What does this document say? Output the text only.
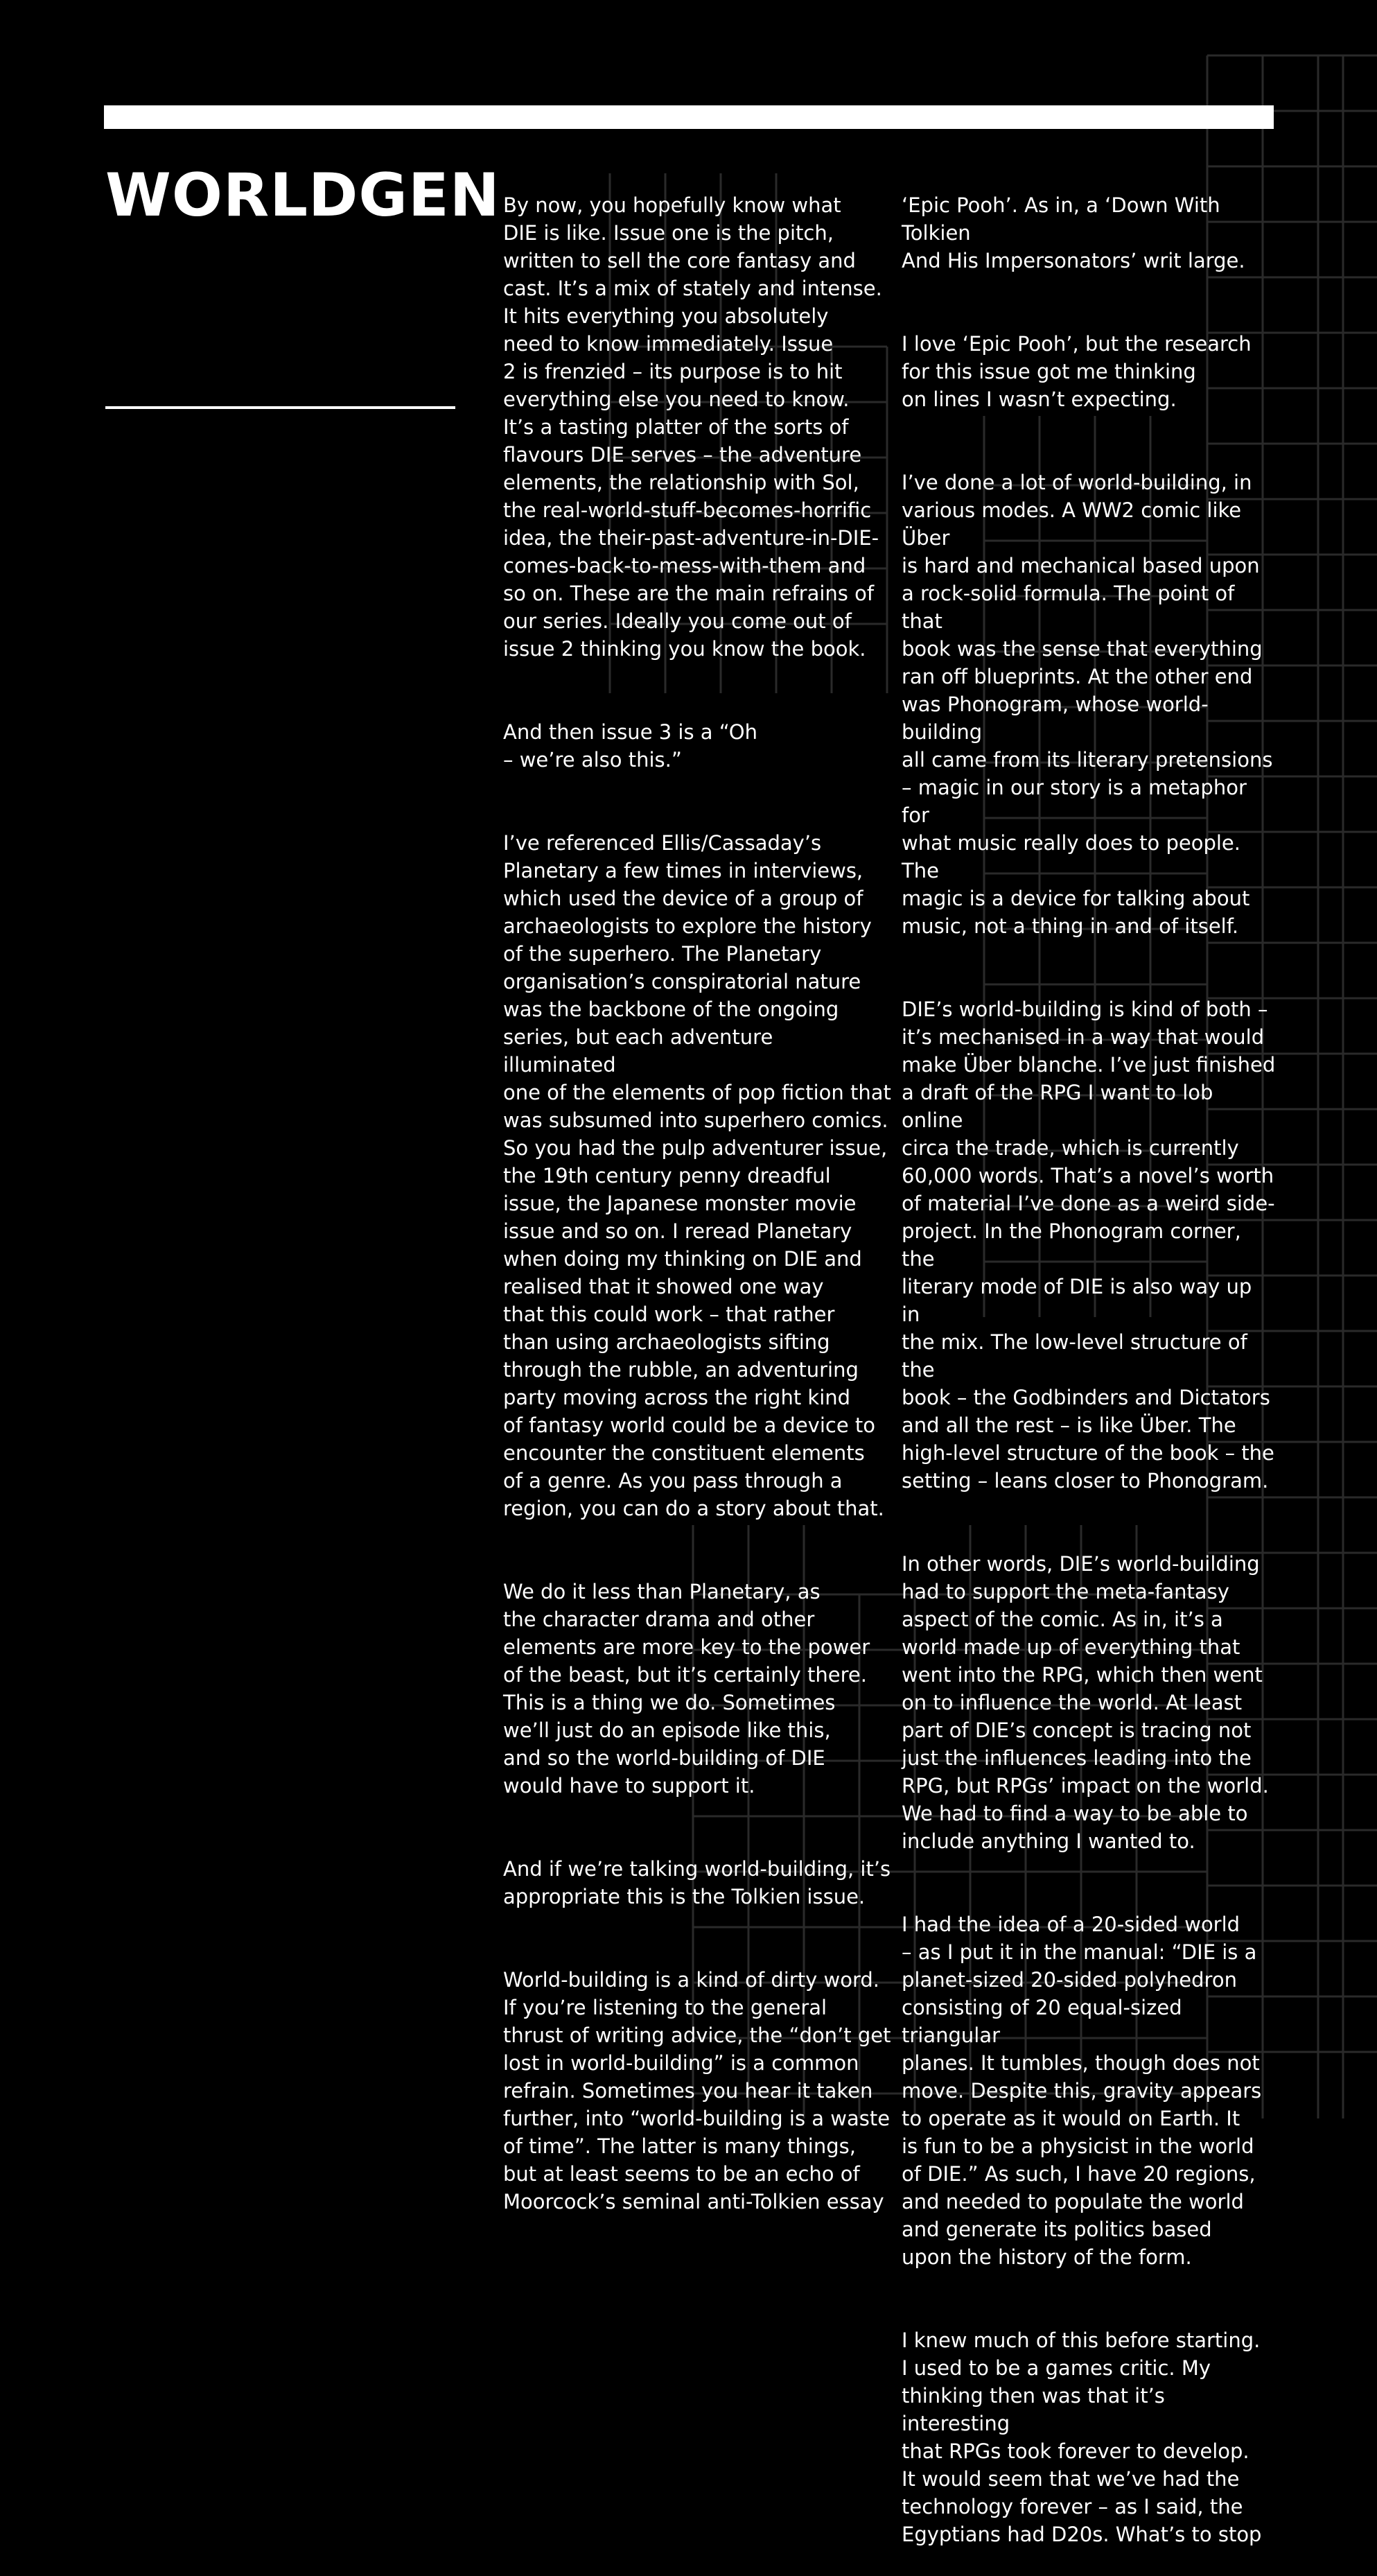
WORLDGEN By now, you hopefully know what
DIE is like. Issue one is the pitch,
written to sell the core fantasy and
cast. It’s a mix of stately and intense.
It hits everything you absolutely
need to know immediately. Issue
2 is frenzied – its purpose is to hit
everything else you need to know.
It’s a tasting platter of the sorts of
flavours DIE serves – the adventure
elements, the relationship with Sol,
the real-world-stuff-becomes-horrific
idea, the their-past-adventure-in-DIE-
comes-back-to-mess-with-them and
so on. These are the main refrains of
our series. Ideally you come out of
issue 2 thinking you know the book.

And then issue 3 is a “Oh
– we’re also this.”

I’ve referenced Ellis/Cassaday’s
Planetary a few times in interviews,
which used the device of a group of
archaeologists to explore the history
of the superhero. The Planetary
organisation’s conspiratorial nature
was the backbone of the ongoing
series, but each adventure illuminated
one of the elements of pop fiction that
was subsumed into superhero comics.
So you had the pulp adventurer issue,
the 19th century penny dreadful
issue, the Japanese monster movie
issue and so on. I reread Planetary
when doing my thinking on DIE and
realised that it showed one way
that this could work – that rather
than using archaeologists sifting
through the rubble, an adventuring
party moving across the right kind
of fantasy world could be a device to
encounter the constituent elements
of a genre. As you pass through a
region, you can do a story about that.

We do it less than Planetary, as
the character drama and other
elements are more key to the power
of the beast, but it’s certainly there.
This is a thing we do. Sometimes
we’ll just do an episode like this,
and so the world-building of DIE
would have to support it.

And if we’re talking world-building, it’s
appropriate this is the Tolkien issue.

World-building is a kind of dirty word.
If you’re listening to the general
thrust of writing advice, the “don’t get
lost in world-building” is a common
refrain. Sometimes you hear it taken
further, into “world-building is a waste
of time”. The latter is many things,
but at least seems to be an echo of
Moorcock’s seminal anti-Tolkien essay

‘Epic Pooh’. As in, a ‘Down With Tolkien
And His Impersonators’ writ large.

I love ‘Epic Pooh’, but the research
for this issue got me thinking
on lines I wasn’t expecting.

I’ve done a lot of world-building, in
various modes. A WW2 comic like Über
is hard and mechanical based upon
a rock-solid formula. The point of that
book was the sense that everything
ran off blueprints. At the other end
was Phonogram, whose world-building
all came from its literary pretensions
– magic in our story is a metaphor for
what music really does to people. The
magic is a device for talking about
music, not a thing in and of itself.

DIE’s world-building is kind of both –
it’s mechanised in a way that would
make Über blanche. I’ve just finished
a draft of the RPG I want to lob online
circa the trade, which is currently
60,000 words. That’s a novel’s worth
of material I’ve done as a weird side-
project. In the Phonogram corner, the
literary mode of DIE is also way up in
the mix. The low-level structure of the
book – the Godbinders and Dictators
and all the rest – is like Über. The
high-level structure of the book – the
setting – leans closer to Phonogram.

In other words, DIE’s world-building
had to support the meta-fantasy
aspect of the comic. As in, it’s a
world made up of everything that
went into the RPG, which then went
on to influence the world. At least
part of DIE’s concept is tracing not
just the influences leading into the
RPG, but RPGs’ impact on the world.
We had to find a way to be able to
include anything I wanted to.

I had the idea of a 20-sided world
– as I put it in the manual: “DIE is a
planet-sized 20-sided polyhedron
consisting of 20 equal-sized triangular
planes. It tumbles, though does not
move. Despite this, gravity appears
to operate as it would on Earth. It
is fun to be a physicist in the world
of DIE.” As such, I have 20 regions,
and needed to populate the world
and generate its politics based
upon the history of the form.

I knew much of this before starting.
I used to be a games critic. My
thinking then was that it’s interesting
that RPGs took forever to develop.
It would seem that we’ve had the
technology forever – as I said, the
Egyptians had D20s. What’s to stop
